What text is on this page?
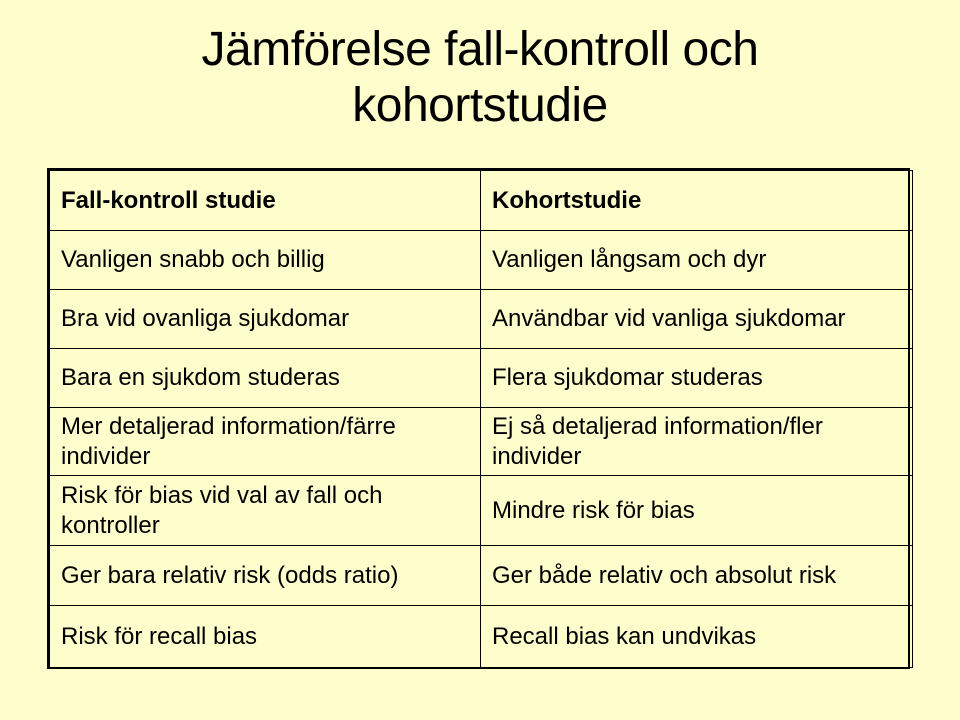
Jämförelse fall-kontroll och
kohortstudie
Fall-kontroll studie	Kohortstudie

Vanligen snabb och billig	Vanligen långsam och dyr

Bra vid ovanliga sjukdomar	Användbar vid vanliga sjukdomar

Bara en sjukdom studeras	Flera sjukdomar studeras

Mer detaljerad information/färre individer	Ej så detaljerad information/fler individer

Risk för bias vid val av fall och kontroller	Mindre risk för bias

Ger bara relativ risk (odds ratio)	Ger både relativ och absolut risk

Risk för recall bias	Recall bias kan undvikas
